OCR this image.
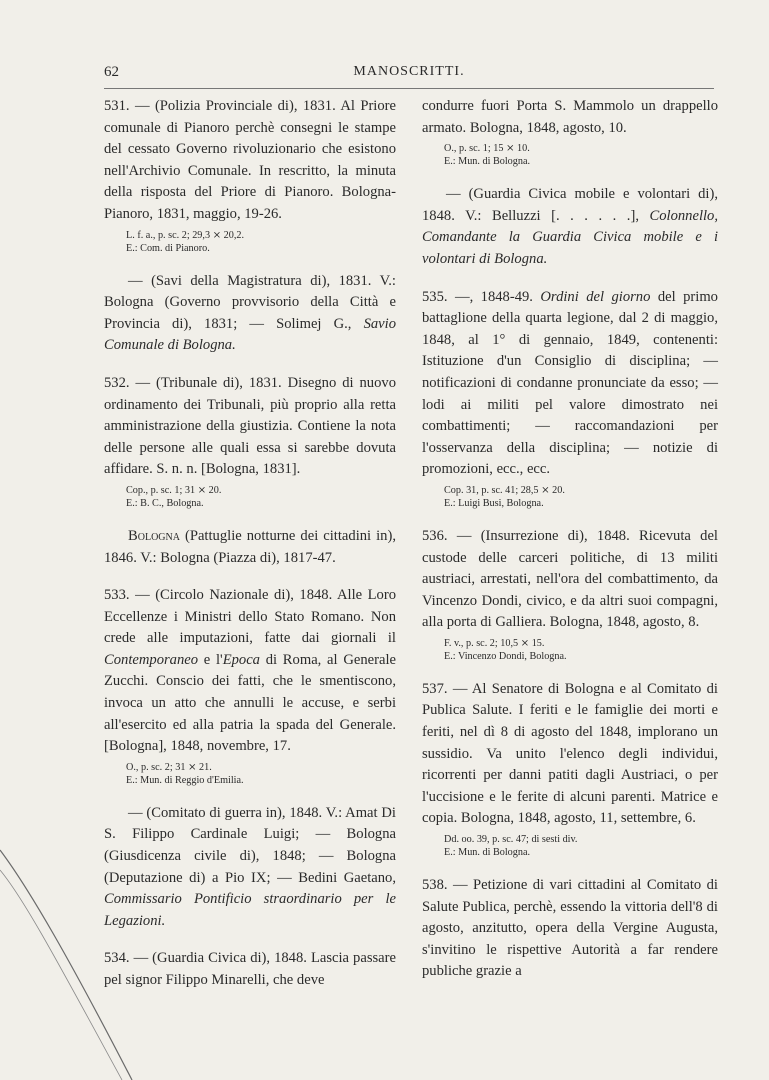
62	MANOSCRITTI.

531. — (Polizia Provinciale di), 1831. Al Priore comunale di Pianoro perchè consegni le stampe del cessato Governo rivoluzionario che esistono nell'Archivio Comunale. In rescritto, la minuta della risposta del Priore di Pianoro. Bologna-Pianoro, 1831, maggio, 19-26.

L. f. a., p. sc. 2; 29,3 ⨯ 20,2.
E.: Com. di Pianoro.

— (Savi della Magistratura di), 1831. V.: Bologna (Governo provvisorio della Città e Provincia di), 1831; — Solimej G., Savio Comunale di Bologna.

532. — (Tribunale di), 1831. Disegno di nuovo ordinamento dei Tribunali, più proprio alla retta amministrazione della giustizia. Contiene la nota delle persone alle quali essa si sarebbe dovuta affidare. S. n. n. [Bologna, 1831].

Cop., p. sc. 1; 31 ⨯ 20.
E.: B. C., Bologna.

Bologna (Pattuglie notturne dei cittadini in), 1846. V.: Bologna (Piazza di), 1817-47.

533. — (Circolo Nazionale di), 1848. Alle Loro Eccellenze i Ministri dello Stato Romano. Non crede alle imputazioni, fatte dai giornali il Contemporaneo e l'Epoca di Roma, al Generale Zucchi. Conscio dei fatti, che le smentiscono, invoca un atto che annulli le accuse, e serbi all'esercito ed alla patria la spada del Generale. [Bologna], 1848, novembre, 17.

O., p. sc. 2; 31 ⨯ 21.
E.: Mun. di Reggio d'Emilia.

— (Comitato di guerra in), 1848. V.: Amat Di S. Filippo Cardinale Luigi; — Bologna (Giusdicenza civile di), 1848; — Bologna (Deputazione di) a Pio IX; — Bedini Gaetano, Commissario Pontificio straordinario per le Legazioni.

534. — (Guardia Civica di), 1848. Lascia passare pel signor Filippo Minarelli, che deve

condurre fuori Porta S. Mammolo un drappello armato. Bologna, 1848, agosto, 10.

O., p. sc. 1; 15 ⨯ 10.
E.: Mun. di Bologna.

— (Guardia Civica mobile e volontari di), 1848. V.: Belluzzi [. . . . . .], Colonnello, Comandante la Guardia Civica mobile e i volontari di Bologna.

535. —, 1848-49. Ordini del giorno del primo battaglione della quarta legione, dal 2 di maggio, 1848, al 1° di gennaio, 1849, contenenti: Istituzione d'un Consiglio di disciplina; — notificazioni di condanne pronunciate da esso; — lodi ai militi pel valore dimostrato nei combattimenti; — raccomandazioni per l'osservanza della disciplina; — notizie di promozioni, ecc., ecc.

Cop. 31, p. sc. 41; 28,5 ⨯ 20.
E.: Luigi Busi, Bologna.

536. — (Insurrezione di), 1848. Ricevuta del custode delle carceri politiche, di 13 militi austriaci, arrestati, nell'ora del combattimento, da Vincenzo Dondi, civico, e da altri suoi compagni, alla porta di Galliera. Bologna, 1848, agosto, 8.

F. v., p. sc. 2; 10,5 ⨯ 15.
E.: Vincenzo Dondi, Bologna.

537. — Al Senatore di Bologna e al Comitato di Publica Salute. I feriti e le famiglie dei morti e feriti, nel dì 8 di agosto del 1848, implorano un sussidio. Va unito l'elenco degli individui, ricorrenti per danni patiti dagli Austriaci, o per l'uccisione e le ferite di alcuni parenti. Matrice e copia. Bologna, 1848, agosto, 11, settembre, 6.

Dd. oo. 39, p. sc. 47; di sesti div.
E.: Mun. di Bologna.

538. — Petizione di vari cittadini al Comitato di Salute Publica, perchè, essendo la vittoria dell'8 di agosto, anzitutto, opera della Vergine Augusta, s'invitino le rispettive Autorità a far rendere publiche grazie a
